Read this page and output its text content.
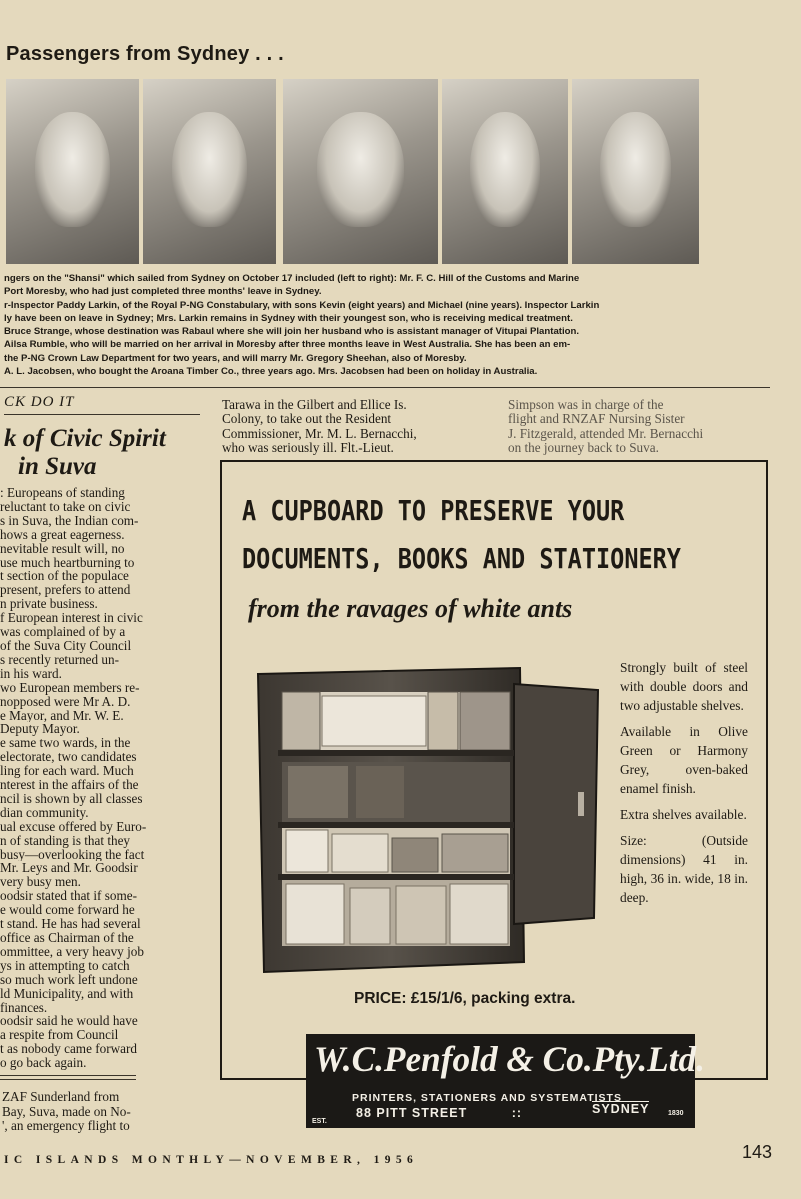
Passengers from Sydney . . .

ngers on the "Shansi" which sailed from Sydney on October 17 included (left to right): Mr. F. C. Hill of the Customs and Marine

Port Moresby, who had just completed three months' leave in Sydney.

r-Inspector Paddy Larkin, of the Royal P-NG Constabulary, with sons Kevin (eight years) and Michael (nine years). Inspector Larkin

ly have been on leave in Sydney; Mrs. Larkin remains in Sydney with their youngest son, who is receiving medical treatment.

Bruce Strange, whose destination was Rabaul where she will join her husband who is assistant manager of Vitupai Plantation.

Ailsa Rumble, who will be married on her arrival in Moresby after three months leave in West Australia. She has been an em-

the P-NG Crown Law Department for two years, and will marry Mr. Gregory Sheehan, also of Moresby.

A. L. Jacobsen, who bought the Aroana Timber Co., three years ago. Mrs. Jacobsen had been on holiday in Australia.

CK DO IT
k of Civic Spirit
in Suva
: Europeans of standing
reluctant to take on civic
s in Suva, the Indian com-
hows a great eagerness.
nevitable result will, no
use much heartburning to
t section of the populace
present, prefers to attend
n private business.
f European interest in civic
was complained of by a
of the Suva City Council
s recently returned un-
in his ward.
wo European members re-
nopposed were Mr A. D.
e Mayor, and Mr. W. E.
Deputy Mayor.
e same two wards, in the
electorate, two candidates
ling for each ward. Much
nterest in the affairs of the
ncil is shown by all classes
dian community.
ual excuse offered by Euro-
n of standing is that they
busy—overlooking the fact
Mr. Leys and Mr. Goodsir
very busy men.
oodsir stated that if some-
e would come forward he
t stand. He has had several
office as Chairman of the
ommittee, a very heavy job
ys in attempting to catch
so much work left undone
ld Municipality, and with
finances.
oodsir said he would have
a respite from Council
t as nobody came forward
o go back again.
ZAF Sunderland from
Bay, Suva, made on No-
', an emergency flight to
Tarawa in the Gilbert and Ellice Is.
Colony, to take out the Resident
Commissioner, Mr. M. L. Bernacchi,
who was seriously ill. Flt.-Lieut.
Simpson was in charge of the
flight and RNZAF Nursing Sister
J. Fitzgerald, attended Mr. Bernacchi
on the journey back to Suva.
A CUPBOARD TO PRESERVE YOUR
DOCUMENTS, BOOKS AND STATIONERY
from the ravages of white ants

Strongly built of steel with double doors and two adjustable shelves.

Available in Olive Green or Harmony Grey, oven-baked enamel finish.

Extra shelves available.

Size: (Outside dimensions) 41 in. high, 36 in. wide, 18 in. deep.

PRICE: £15/1/6, packing extra.
W.C.Penfold & Co.Pty.Ltd.
PRINTERS, STATIONERS AND SYSTEMATISTS
88 PITT STREET	::	SYDNEY
EST.
1830
IC ISLANDS MONTHLY—NOVEMBER, 1956	143
